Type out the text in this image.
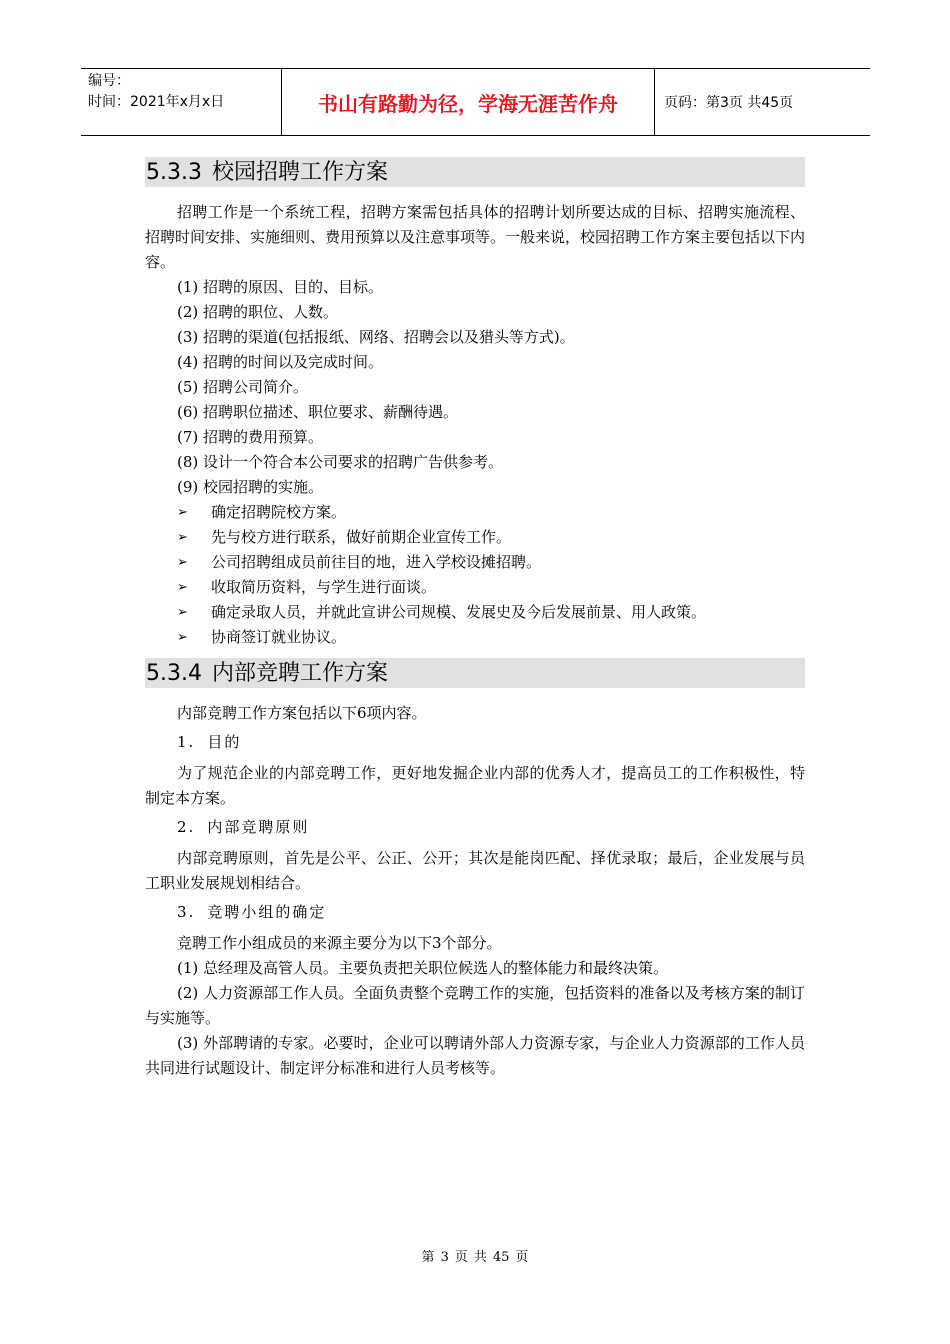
编号：
时间：2021年x月x日	书山有路勤为径，学海无涯苦作舟	页码：第3页 共45页
5.3.3 校园招聘工作方案

招聘工作是一个系统工程，招聘方案需包括具体的招聘计划所要达成的目标、招聘实施流程、招聘时间安排、实施细则、费用预算以及注意事项等。一般来说，校园招聘工作方案主要包括以下内容。

(1) 招聘的原因、目的、目标。

(2) 招聘的职位、人数。

(3) 招聘的渠道(包括报纸、网络、招聘会以及猎头等方式)。

(4) 招聘的时间以及完成时间。

(5) 招聘公司简介。

(6) 招聘职位描述、职位要求、薪酬待遇。

(7) 招聘的费用预算。

(8) 设计一个符合本公司要求的招聘广告供参考。

(9) 校园招聘的实施。

➢	确定招聘院校方案。
➢	先与校方进行联系，做好前期企业宣传工作。
➢	公司招聘组成员前往目的地，进入学校设摊招聘。
➢	收取简历资料，与学生进行面谈。
➢	确定录取人员，并就此宣讲公司规模、发展史及今后发展前景、用人政策。
➢	协商签订就业协议。
5.3.4 内部竞聘工作方案

内部竞聘工作方案包括以下6项内容。

1. 目的

为了规范企业的内部竞聘工作，更好地发掘企业内部的优秀人才，提高员工的工作积极性，特制定本方案。

2. 内部竞聘原则

内部竞聘原则，首先是公平、公正、公开；其次是能岗匹配、择优录取；最后，企业发展与员工职业发展规划相结合。

3. 竞聘小组的确定

竞聘工作小组成员的来源主要分为以下3个部分。

(1) 总经理及高管人员。主要负责把关职位候选人的整体能力和最终决策。

(2) 人力资源部工作人员。全面负责整个竞聘工作的实施，包括资料的准备以及考核方案的制订与实施等。

(3) 外部聘请的专家。必要时，企业可以聘请外部人力资源专家，与企业人力资源部的工作人员共同进行试题设计、制定评分标准和进行人员考核等。

第 3 页 共 45 页
